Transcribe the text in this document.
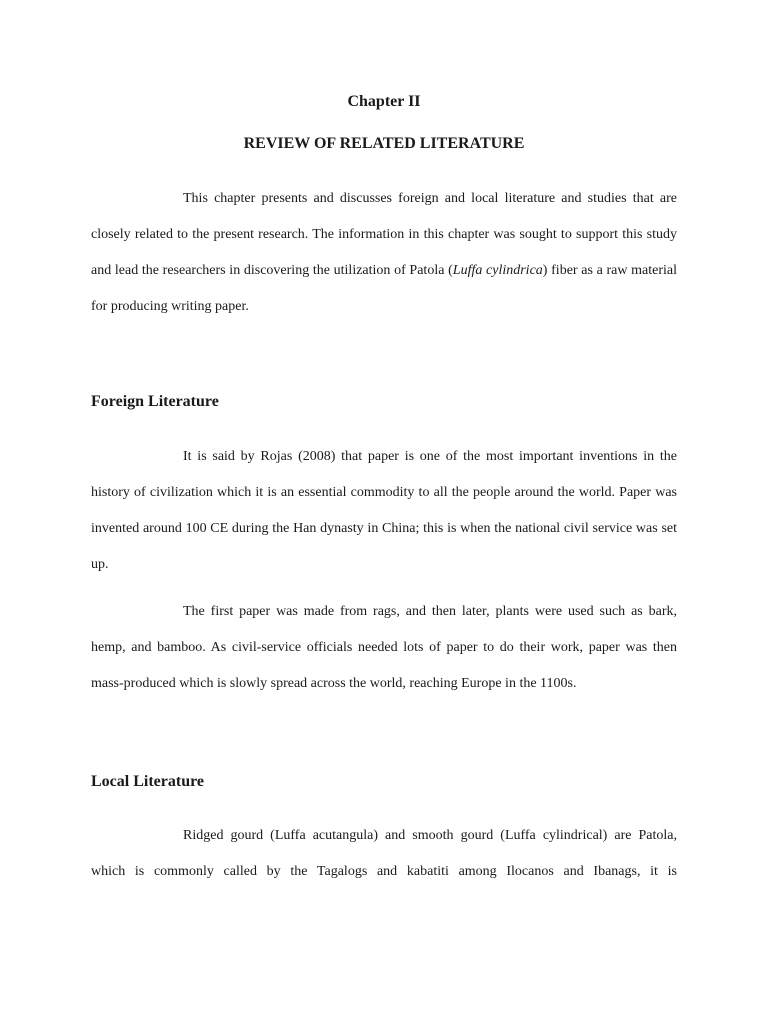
Chapter II
REVIEW OF RELATED LITERATURE

This chapter presents and discusses foreign and local literature and studies that are closely related to the present research. The information in this chapter was sought to support this study and lead the researchers in discovering the utilization of Patola (Luffa cylindrica) fiber as a raw material for producing writing paper.

Foreign Literature

It is said by Rojas (2008) that paper is one of the most important inventions in the history of civilization which it is an essential commodity to all the people around the world. Paper was invented around 100 CE during the Han dynasty in China; this is when the national civil service was set up.

The first paper was made from rags, and then later, plants were used such as bark, hemp, and bamboo. As civil-service officials needed lots of paper to do their work, paper was then mass-produced which is slowly spread across the world, reaching Europe in the 1100s.

Local Literature

Ridged gourd (Luffa acutangula) and smooth gourd (Luffa cylindrical) are Patola, which is commonly called by the Tagalogs and kabatiti among Ilocanos and Ibanags, it is
